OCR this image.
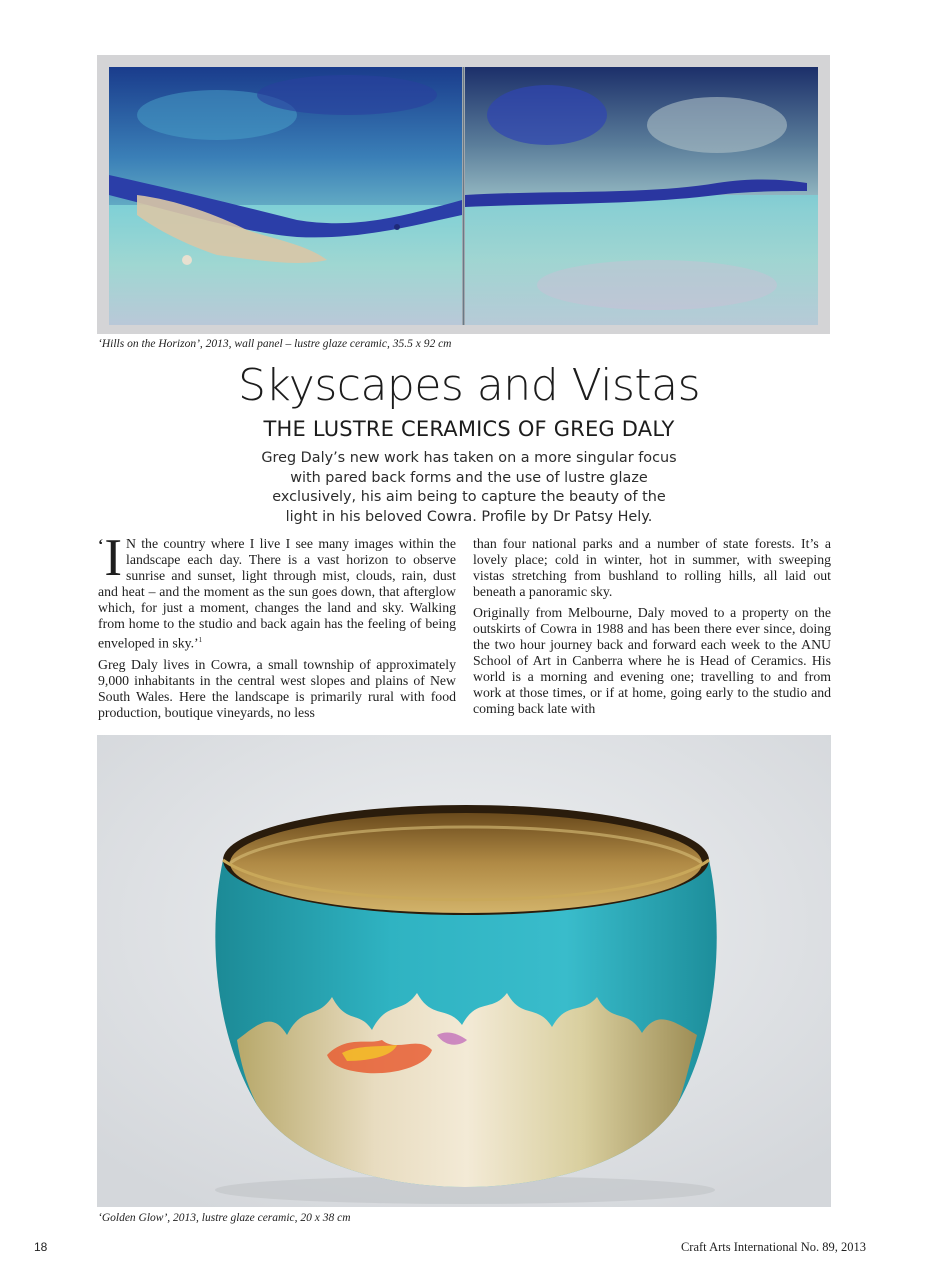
‘Hills on the Horizon’, 2013, wall panel – lustre glaze ceramic, 35.5 x 92 cm
Skyscapes and Vistas
THE LUSTRE CERAMICS OF GREG DALY
Greg Daly’s new work has taken on a more singular focus with pared back forms and the use of lustre glaze exclusively, his aim being to capture the beauty of the light in his beloved Cowra. Profile by Dr Patsy Hely.

‘ I N the country where I live I see many images within the landscape each day. There is a vast horizon to observe sunrise and sunset, light through mist, clouds, rain, dust and heat – and the moment as the sun goes down, that afterglow which, for just a moment, changes the land and sky. Walking from home to the studio and back again has the feeling of being enveloped in sky.’$^1$

Greg Daly lives in Cowra, a small township of approximately 9,000 inhabitants in the central west slopes and plains of New South Wales. Here the landscape is primarily rural with food production, boutique vineyards, no less

than four national parks and a number of state forests. It’s a lovely place; cold in winter, hot in summer, with sweeping vistas stretching from bushland to rolling hills, all laid out beneath a panoramic sky.

Originally from Melbourne, Daly moved to a property on the outskirts of Cowra in 1988 and has been there ever since, doing the two hour journey back and forward each week to the ANU School of Art in Canberra where he is Head of Ceramics. His world is a morning and evening one; travelling to and from work at those times, or if at home, going early to the studio and coming back late with

‘Golden Glow’, 2013, lustre glaze ceramic, 20 x 38 cm
18	Craft Arts International No. 89, 2013
